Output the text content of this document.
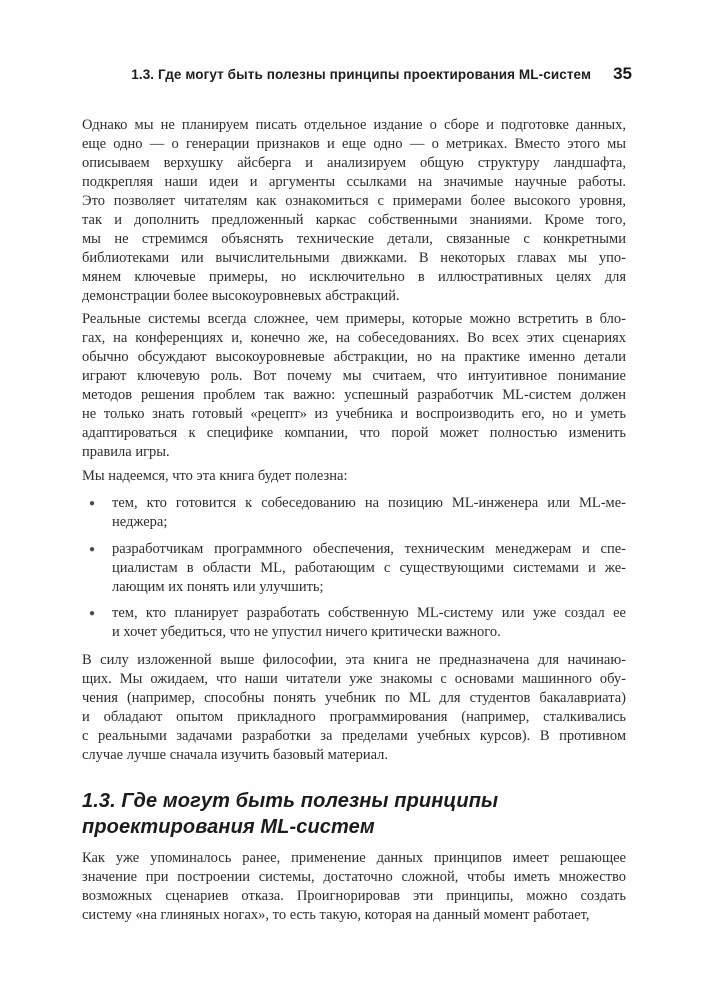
1.3. Где могут быть полезны принципы проектирования ML-систем 35
Однако мы не планируем писать отдельное издание о сборе и подготовке данных,
еще одно — о генерации признаков и еще одно — о метриках. Вместо этого мы
описываем верхушку айсберга и анализируем общую структуру ландшафта,
подкрепляя наши идеи и аргументы ссылками на значимые научные работы.
Это позволяет читателям как ознакомиться с примерами более высокого уровня,
так и дополнить предложенный каркас собственными знаниями. Кроме того,
мы не стремимся объяснять технические детали, связанные с конкретными
библиотеками или вычислительными движками. В некоторых главах мы упо-
мянем ключевые примеры, но исключительно в иллюстративных целях для
демонстрации более высокоуровневых абстракций.
Реальные системы всегда сложнее, чем примеры, которые можно встретить в бло-
гах, на конференциях и, конечно же, на собеседованиях. Во всех этих сценариях
обычно обсуждают высокоуровневые абстракции, но на практике именно детали
играют ключевую роль. Вот почему мы считаем, что интуитивное понимание
методов решения проблем так важно: успешный разработчик ML-систем должен
не только знать готовый «рецепт» из учебника и воспроизводить его, но и уметь
адаптироваться к специфике компании, что порой может полностью изменить
правила игры.
Мы надеемся, что эта книга будет полезна:
● тем, кто готовится к собеседованию на позицию ML-инженера или ML-ме-
неджера;
● разработчикам программного обеспечения, техническим менеджерам и спе-
циалистам в области ML, работающим с существующими системами и же-
лающим их понять или улучшить;
● тем, кто планирует разработать собственную ML-систему или уже создал ее
и хочет убедиться, что не упустил ничего критически важного.
В силу изложенной выше философии, эта книга не предназначена для начинаю-
щих. Мы ожидаем, что наши читатели уже знакомы с основами машинного обу-
чения (например, способны понять учебник по ML для студентов бакалавриата)
и обладают опытом прикладного программирования (например, сталкивались
с реальными задачами разработки за пределами учебных курсов). В противном
случае лучше сначала изучить базовый материал.
1.3. Где могут быть полезны принципы
проектирования ML-систем
Как уже упоминалось ранее, применение данных принципов имеет решающее
значение при построении системы, достаточно сложной, чтобы иметь множество
возможных сценариев отказа. Проигнорировав эти принципы, можно создать
систему «на глиняных ногах», то есть такую, которая на данный момент работает,
